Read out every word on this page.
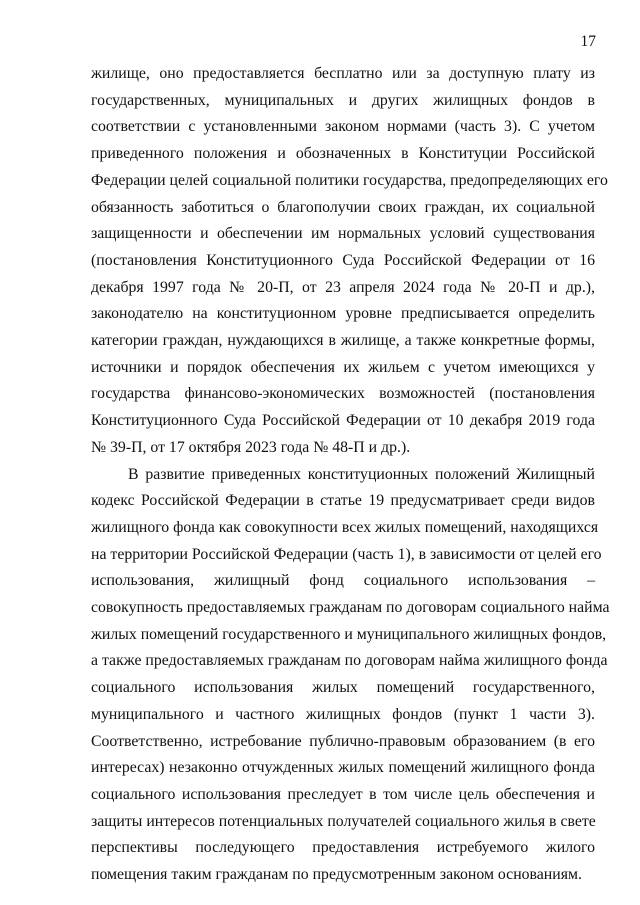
17
жилище, оно предоставляется бесплатно или за доступную плату из
государственных, муниципальных и других жилищных фондов в
соответствии с установленными законом нормами (часть 3). С учетом
приведенного положения и обозначенных в Конституции Российской
Федерации целей социальной политики государства, предопределяющих его
обязанность заботиться о благополучии своих граждан, их социальной
защищенности и обеспечении им нормальных условий существования
(постановления Конституционного Суда Российской Федерации от 16
декабря 1997 года № 20-П, от 23 апреля 2024 года № 20-П и др.),
законодателю на конституционном уровне предписывается определить
категории граждан, нуждающихся в жилище, а также конкретные формы,
источники и порядок обеспечения их жильем с учетом имеющихся у
государства финансово-экономических возможностей (постановления
Конституционного Суда Российской Федерации от 10 декабря 2019 года
№ 39-П, от 17 октября 2023 года № 48-П и др.).
В развитие приведенных конституционных положений Жилищный
кодекс Российской Федерации в статье 19 предусматривает среди видов
жилищного фонда как совокупности всех жилых помещений, находящихся
на территории Российской Федерации (часть 1), в зависимости от целей его
использования, жилищный фонд социального использования –
совокупность предоставляемых гражданам по договорам социального найма
жилых помещений государственного и муниципального жилищных фондов,
а также предоставляемых гражданам по договорам найма жилищного фонда
социального использования жилых помещений государственного,
муниципального и частного жилищных фондов (пункт 1 части 3).
Соответственно, истребование публично-правовым образованием (в его
интересах) незаконно отчужденных жилых помещений жилищного фонда
социального использования преследует в том числе цель обеспечения и
защиты интересов потенциальных получателей социального жилья в свете
перспективы последующего предоставления истребуемого жилого
помещения таким гражданам по предусмотренным законом основаниям.
